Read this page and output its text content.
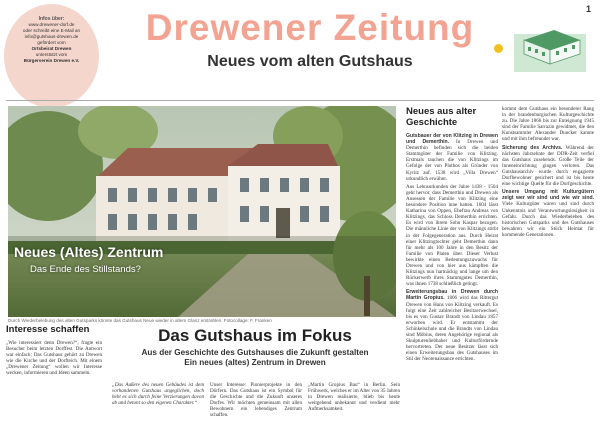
Infos über:
www.drewener-dorf.de
oder schreibt eine E-Mail an
info@gutshaus-drewen.de
gefördert vom
Ortsbeirat Drewen
unterstützt vom
Bürgerverein Drewen e.V.
Drewener Zeitung
Neues vom alten Gutshaus
1
Neues (Altes) Zentrum
Das Ende des Stillstands?
Durch Wiederbelebung des alten Gutsparks könnte das Gutshaus Neue wieder in altem Glanz erstrahlen. Fotocollage: F. Franken
Neues aus alter Geschichte

Gutsbauer der von Klitzing in Drewen und Demerthin. In Drewen und Demerthin befinden sich die beiden Stammgüter der Familie von Klitzing. Erstmals tauchen die von Klitzings im Gefolge der von Plothos als Gründer von Kyritz auf. 1538 wird „Villa Drewen“ urkundlich erwähnt.

Aus Lehnsurkunden der Jahre 1438 - 1504 geht hervor, dass Demerthin und Drewen als Ansessen der Familie von Klitzing eine besondere Position inne hatten. 1604 lässt Katharina von Oppen, Ehefrau Andreas von Klitzings, das Schloss Demerthin errichten. Es wird von ihrem Sohn Kaspar bezogen. Die männliche Linie der von Klitzings stirbt in der Folgegeneration aus. Durch Heirat einer Klitzingtochter geht Demerthin dann für mehr als 100 Jahre in den Besitz der Familie von Platen über. Dieser Verlust bewirkte einen Bedeutungszuwachs für Drewen und von hier aus kämpften die Klitzings nun hartnäckig und lange um den Rückerwerb ihres Stammgutes Demerthin, was ihnen 1738 schließlich gelingt.

Erweiterungsbau in Drewen durch Martin Gropius. 1806 wird das Rittergut Drewen von Hans von Klitzing verkauft. Es folgt eine Zeit zahlreicher Besitzerwechsel, bis es von Gustav Brandt von Lindau 1857 erworben wird. Er entstammt der Schinkelschule und die Brandts von Lindau sind Möbius, deren Angehörige regional als Skulpturenliebhaber und Kulturfördernde hervortreten. Der neue Besitzer lässt sich einen Erweiterungsbau des Gutshauses im Stil der Neorenaissance errichten.

kommt dem Gutshaus ein besonderer Rang in der brandenburgischen Kulturgeschichte zu. Die Jahre 1866 bis zur Enteignung 1945 sind der Familie Sarrazin gewidmet, die den Kunstsammler Alexander Duncker kannte und mit ihm befreundet war.

Sicherung des Archivs. Während der nächsten Jahrzehnte der DDR-Zeit verfiel das Gutshaus zusehends. Große Teile der Inneneinrichtung gingen verloren. Das Gutshausarchiv wurde durch engagierte Dorfbewohner gesichert und ist bis heute eine wichtige Quelle für die Dorfgeschichte.

Unsere Umgang mit Kulturgütern zeigt wer wir sind und wie wir sind. Viele Kulturgüter waren und sind durch Unkenntnis und Verantwortungslosigkeit in Gefahr. Durch das Wiederbeleben des historischen Gutsparks und des Gutshauses bewahren wir ein Stück Heimat für kommende Generationen.

Interesse schaffen

„Wie interessiert denn Drewen?“, fragte ein Besucher beim letzten Dorffest. Die Antwort war einfach: Das Gutshaus gehört zu Drewen wie die Kirche und der Dorfteich. Mit einem „Drewener Zeitung“ wollen wir Interesse wecken, informieren und Ideen sammeln.

Das Gutshaus im Fokus
Aus der Geschichte des Gutshauses die Zukunft gestalten
Ein neues (altes) Zentrum in Drewen

„Das Äußere des neuen Gebäudes ist dem vorhandenen Gutshaus angeglichen, doch hebt es sich durch feine Verzierungen davon ab und betont so den eigenen Charakter.“

Unser Interesse: Pionierprojekte in den Dörfern. Das Gutshaus ist ein Symbol für die Geschichte und die Zukunft unseres Dorfes. Wir möchten gemeinsam mit allen Bewohnern ein lebendiges Zentrum schaffen.

„Martin Gropius Bau“ in Berlin. Sein Frühwerk, welches er im Alter von 35 Jahren in Drewen realisierte, blieb bis heute weitgehend unbekannt und verdient mehr Aufmerksamkeit.
